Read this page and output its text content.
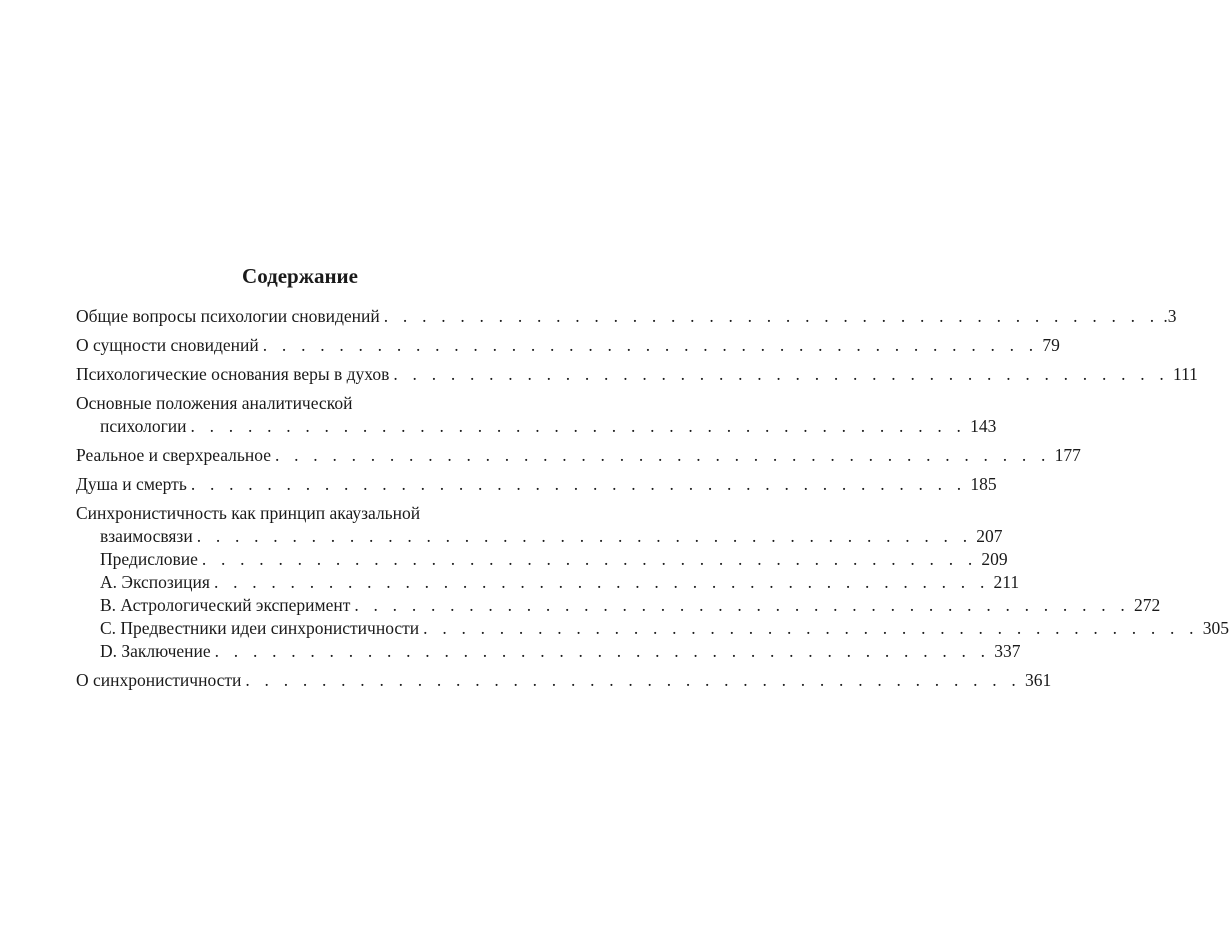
Содержание
Общие вопросы психологии сновидений . . . . . . . . . . . . . . . . . . . . . . . . . . . . . . . . . . . . . . . . . .3
О сущности сновидений . . . . . . . . . . . . . . . . . . . . . . . . . . . . . . . . . . . . . . . . . 79
Психологические основания веры в духов . . . . . . . . . . . . . . . . . . . . . . . . . . . . . . . . . . . . . . . . . 111
Основные положения аналитической
психологии . . . . . . . . . . . . . . . . . . . . . . . . . . . . . . . . . . . . . . . . . 143
Реальное и сверхреальное . . . . . . . . . . . . . . . . . . . . . . . . . . . . . . . . . . . . . . . . . 177
Душа и смерть . . . . . . . . . . . . . . . . . . . . . . . . . . . . . . . . . . . . . . . . . 185
Синхронистичность как принцип акаузальной
взаимосвязи . . . . . . . . . . . . . . . . . . . . . . . . . . . . . . . . . . . . . . . . . 207
Предисловие . . . . . . . . . . . . . . . . . . . . . . . . . . . . . . . . . . . . . . . . . 209
A. Экспозиция . . . . . . . . . . . . . . . . . . . . . . . . . . . . . . . . . . . . . . . . . 211
B. Астрологический эксперимент . . . . . . . . . . . . . . . . . . . . . . . . . . . . . . . . . . . . . . . . . 272
C. Предвестники идеи синхронистичности . . . . . . . . . . . . . . . . . . . . . . . . . . . . . . . . . . . . . . . . . 305
D. Заключение . . . . . . . . . . . . . . . . . . . . . . . . . . . . . . . . . . . . . . . . . 337
О синхронистичности . . . . . . . . . . . . . . . . . . . . . . . . . . . . . . . . . . . . . . . . . 361
